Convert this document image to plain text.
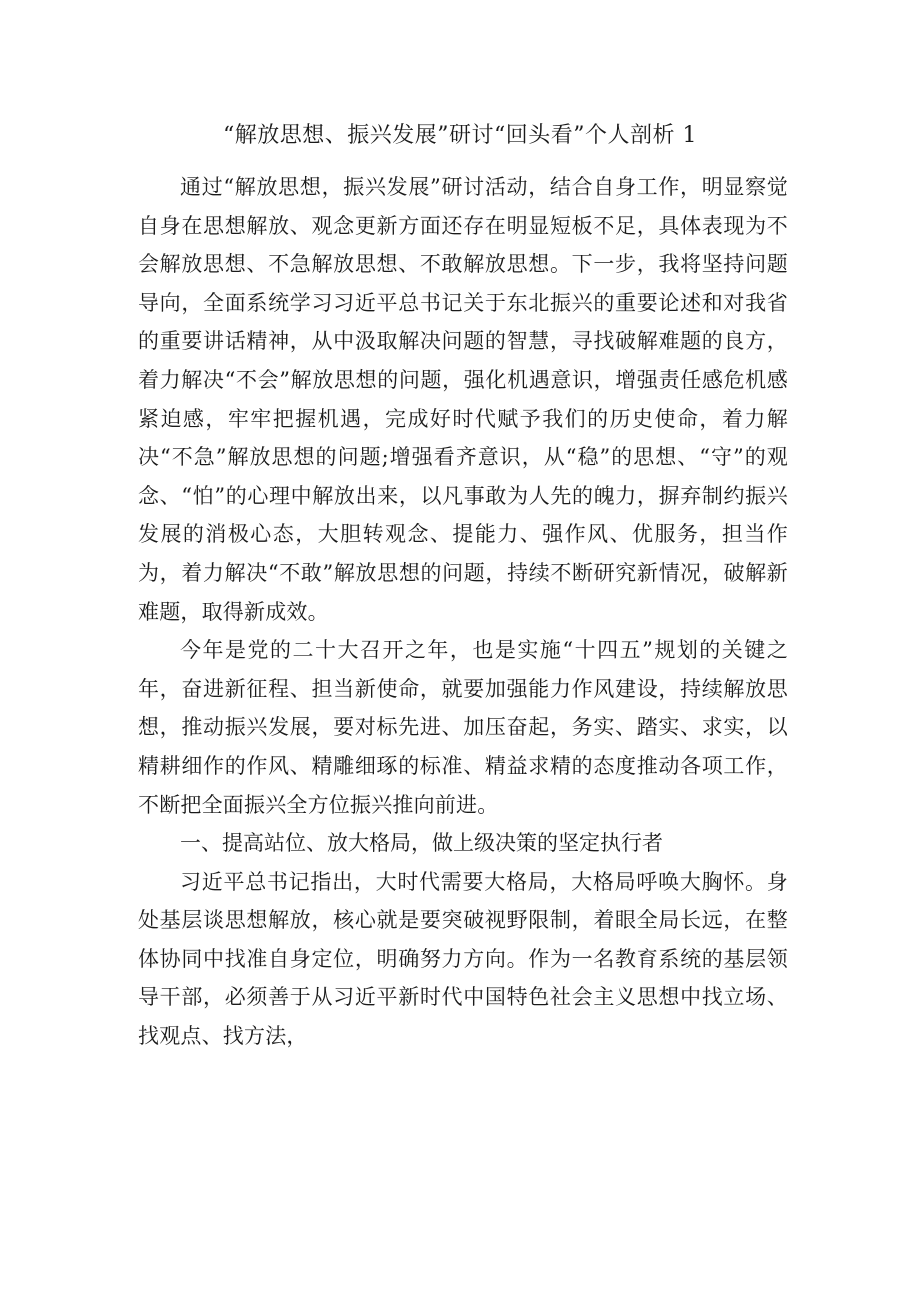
“解放思想、振兴发展”研讨“回头看”个人剖析 1

通过“解放思想，振兴发展”研讨活动，结合自身工作，明显察觉自身在思想解放、观念更新方面还存在明显短板不足，具体表现为不会解放思想、不急解放思想、不敢解放思想。下一步，我将坚持问题导向，全面系统学习习近平总书记关于东北振兴的重要论述和对我省的重要讲话精神，从中汲取解决问题的智慧，寻找破解难题的良方，着力解决“不会”解放思想的问题，强化机遇意识，增强责任感危机感紧迫感，牢牢把握机遇，完成好时代赋予我们的历史使命，着力解决“不急”解放思想的问题;增强看齐意识，从“稳”的思想、“守”的观念、“怕”的心理中解放出来，以凡事敢为人先的魄力，摒弃制约振兴发展的消极心态，大胆转观念、提能力、强作风、优服务，担当作为，着力解决“不敢”解放思想的问题，持续不断研究新情况，破解新难题，取得新成效。

今年是党的二十大召开之年，也是实施“十四五”规划的关键之年，奋进新征程、担当新使命，就要加强能力作风建设，持续解放思想，推动振兴发展，要对标先进、加压奋起，务实、踏实、求实，以精耕细作的作风、精雕细琢的标准、精益求精的态度推动各项工作，不断把全面振兴全方位振兴推向前进。

一、提高站位、放大格局，做上级决策的坚定执行者

习近平总书记指出，大时代需要大格局，大格局呼唤大胸怀。身处基层谈思想解放，核心就是要突破视野限制，着眼全局长远，在整体协同中找准自身定位，明确努力方向。作为一名教育系统的基层领导干部，必须善于从习近平新时代中国特色社会主义思想中找立场、找观点、找方法，
